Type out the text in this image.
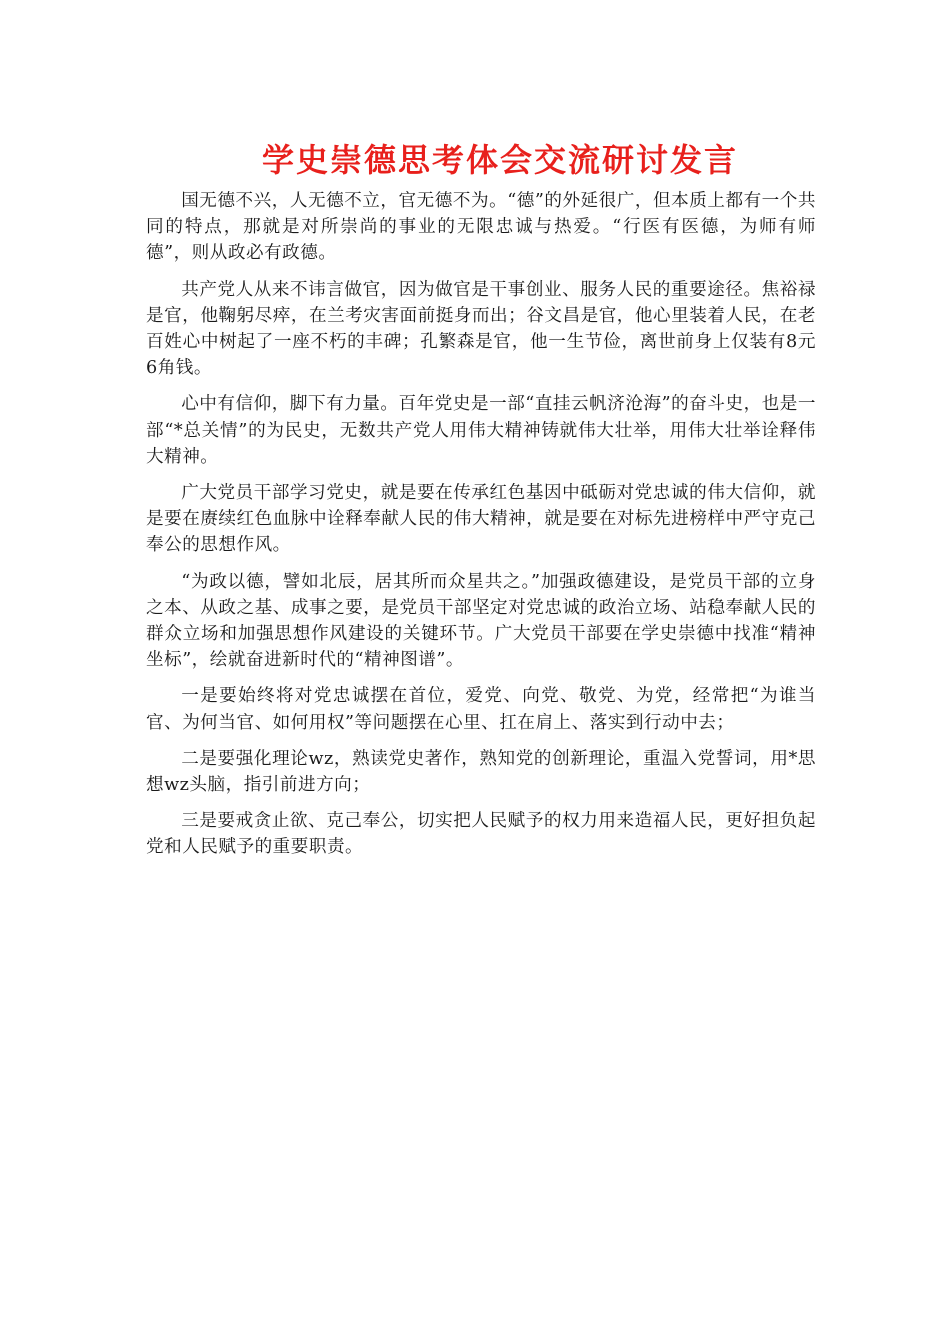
学史崇德思考体会交流研讨发言

国无德不兴，人无德不立，官无德不为。“德”的外延很广，但本质上都有一个共同的特点，那就是对所崇尚的事业的无限忠诚与热爱。“行医有医德，为师有师德”，则从政必有政德。

共产党人从来不讳言做官，因为做官是干事创业、服务人民的重要途径。焦裕禄是官，他鞠躬尽瘁，在兰考灾害面前挺身而出；谷文昌是官，他心里装着人民，在老百姓心中树起了一座不朽的丰碑；孔繁森是官，他一生节俭，离世前身上仅装有8元6角钱。

心中有信仰，脚下有力量。百年党史是一部“直挂云帆济沧海”的奋斗史，也是一部“*总关情”的为民史，无数共产党人用伟大精神铸就伟大壮举，用伟大壮举诠释伟大精神。

广大党员干部学习党史，就是要在传承红色基因中砥砺对党忠诚的伟大信仰，就是要在赓续红色血脉中诠释奉献人民的伟大精神，就是要在对标先进榜样中严守克己奉公的思想作风。

“为政以德，譬如北辰，居其所而众星共之。”加强政德建设，是党员干部的立身之本、从政之基、成事之要，是党员干部坚定对党忠诚的政治立场、站稳奉献人民的群众立场和加强思想作风建设的关键环节。广大党员干部要在学史崇德中找准“精神坐标”，绘就奋进新时代的“精神图谱”。

一是要始终将对党忠诚摆在首位，爱党、向党、敬党、为党，经常把“为谁当官、为何当官、如何用权”等问题摆在心里、扛在肩上、落实到行动中去；

二是要强化理论wz，熟读党史著作，熟知党的创新理论，重温入党誓词，用*思想wz头脑，指引前进方向；

三是要戒贪止欲、克己奉公，切实把人民赋予的权力用来造福人民，更好担负起党和人民赋予的重要职责。
